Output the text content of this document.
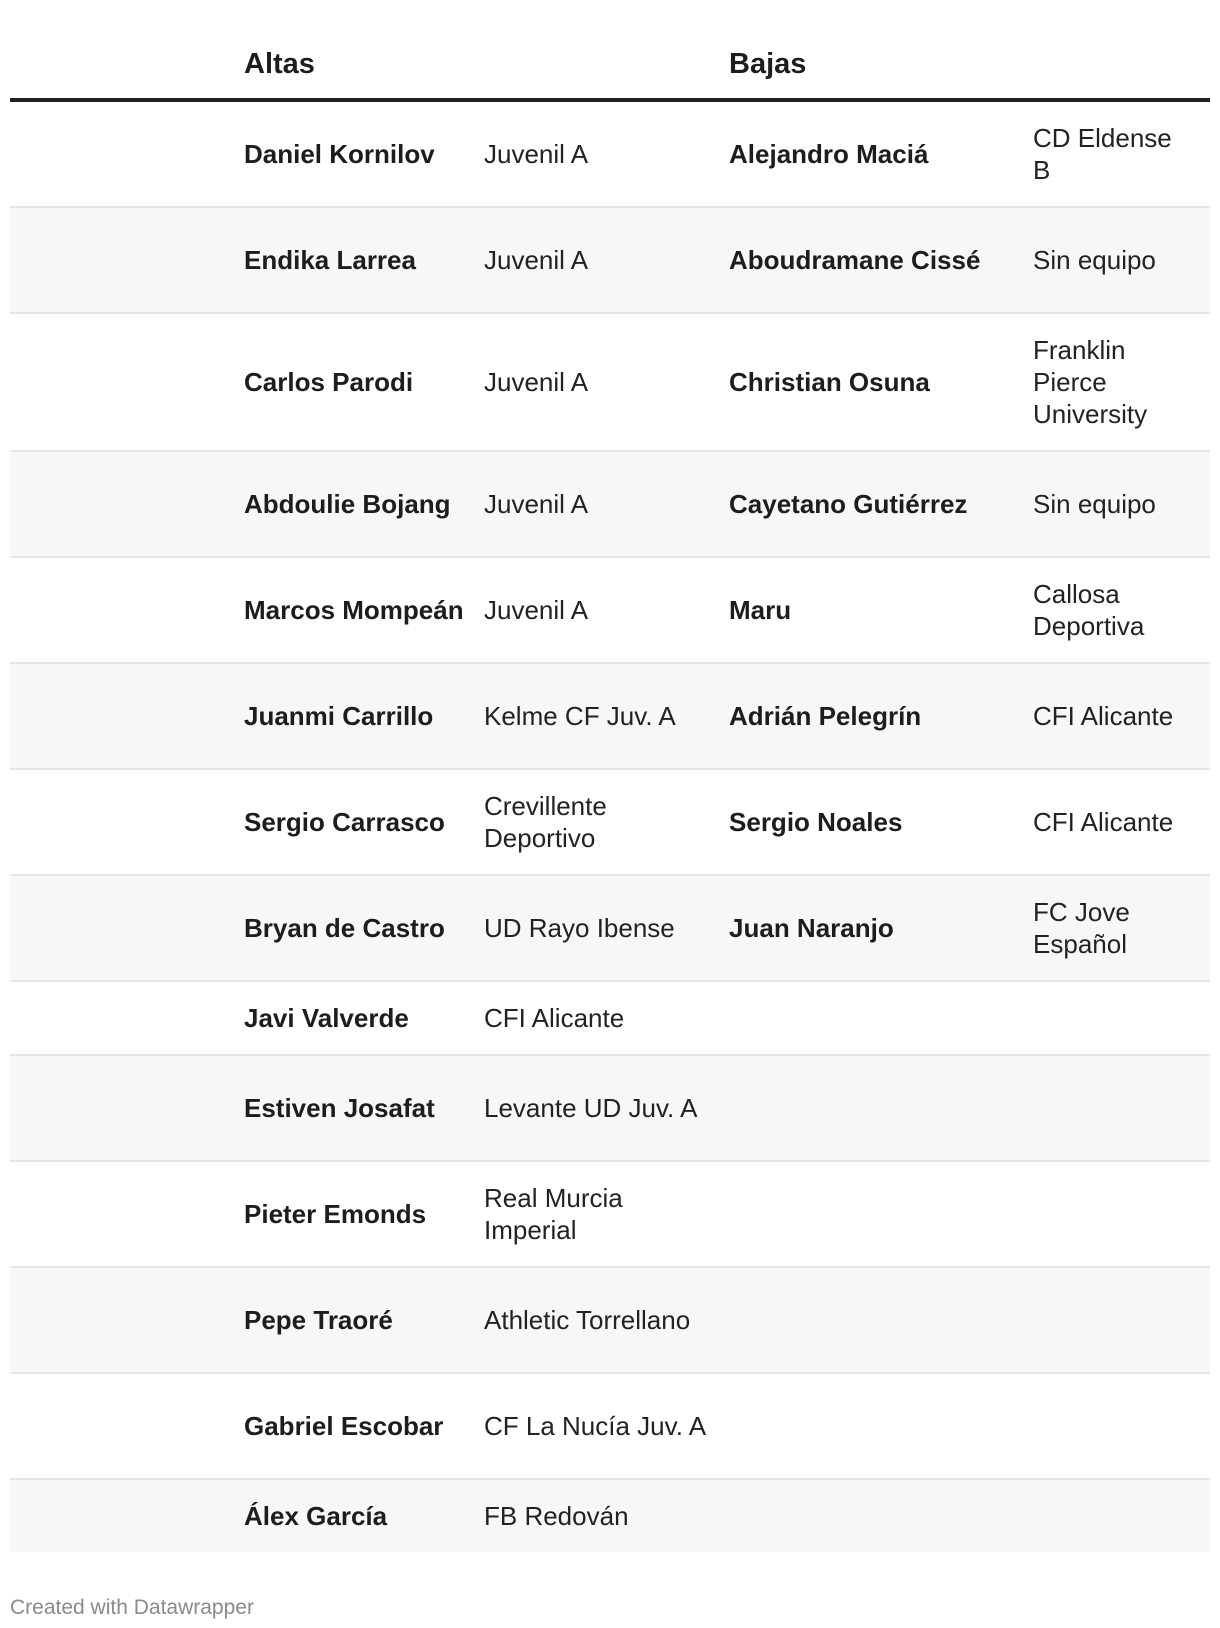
	Altas		Bajas	
	Daniel Kornilov	Juvenil A	Alejandro Maciá	CD Eldense B
	Endika Larrea	Juvenil A	Aboudramane Cissé	Sin equipo
	Carlos Parodi	Juvenil A	Christian Osuna	Franklin Pierce University
	Abdoulie Bojang	Juvenil A	Cayetano Gutiérrez	Sin equipo
	Marcos Mompeán	Juvenil A	Maru	Callosa Deportiva
	Juanmi Carrillo	Kelme CF Juv. A	Adrián Pelegrín	CFI Alicante
	Sergio Carrasco	Crevillente Deportivo	Sergio Noales	CFI Alicante
	Bryan de Castro	UD Rayo Ibense	Juan Naranjo	FC Jove Español
	Javi Valverde	CFI Alicante		
	Estiven Josafat	Levante UD Juv. A		
	Pieter Emonds	Real Murcia Imperial		
	Pepe Traoré	Athletic Torrellano		
	Gabriel Escobar	CF La Nucía Juv. A		
	Álex García	FB Redován		
Created with Datawrapper
